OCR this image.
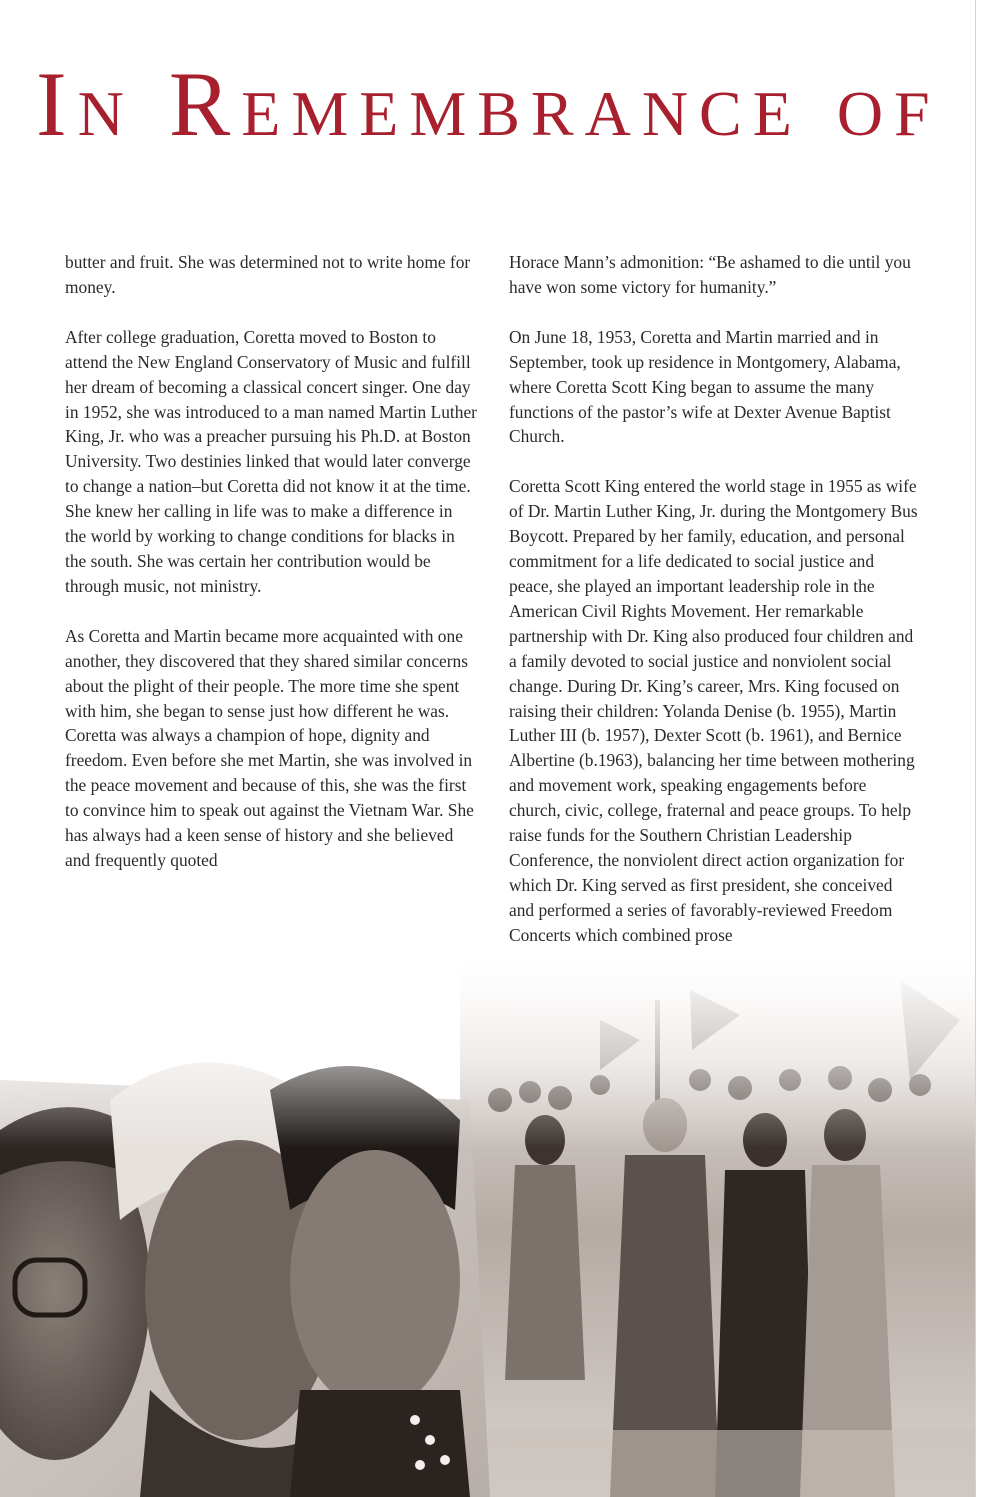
IN REMEMBRANCE OF

butter and fruit. She was determined not to write home for money.

After college graduation, Coretta moved to Boston to attend the New England Conservatory of Music and fulfill her dream of becoming a classical concert singer. One day in 1952, she was introduced to a man named Martin Luther King, Jr. who was a preacher pursuing his Ph.D. at Boston University. Two destinies linked that would later converge to change a nation–but Coretta did not know it at the time. She knew her calling in life was to make a difference in the world by working to change conditions for blacks in the south. She was certain her contribution would be through music, not ministry.

As Coretta and Martin became more acquainted with one another, they discovered that they shared similar concerns about the plight of their people. The more time she spent with him, she began to sense just how different he was. Coretta was always a champion of hope, dignity and freedom. Even before she met Martin, she was involved in the peace movement and because of this, she was the first to convince him to speak out against the Vietnam War. She has always had a keen sense of history and she believed and frequently quoted

Horace Mann’s admonition: “Be ashamed to die until you have won some victory for humanity.”

On June 18, 1953, Coretta and Martin married and in September, took up residence in Montgomery, Alabama, where Coretta Scott King began to assume the many functions of the pastor’s wife at Dexter Avenue Baptist Church.

Coretta Scott King entered the world stage in 1955 as wife of Dr. Martin Luther King, Jr. during the Montgomery Bus Boycott. Prepared by her family, education, and personal commitment for a life dedicated to social justice and peace, she played an important leadership role in the American Civil Rights Movement. Her remarkable partnership with Dr. King also produced four children and a family devoted to social justice and nonviolent social change. During Dr. King’s career, Mrs. King focused on raising their children: Yolanda Denise (b. 1955), Martin Luther III (b. 1957), Dexter Scott (b. 1961), and Bernice Albertine (b.1963), balancing her time between mothering and movement work, speaking engagements before church, civic, college, fraternal and peace groups. To help raise funds for the Southern Christian Leadership Conference, the nonviolent direct action organization for which Dr. King served as first president, she conceived and performed a series of favorably-reviewed Freedom Concerts which combined prose
